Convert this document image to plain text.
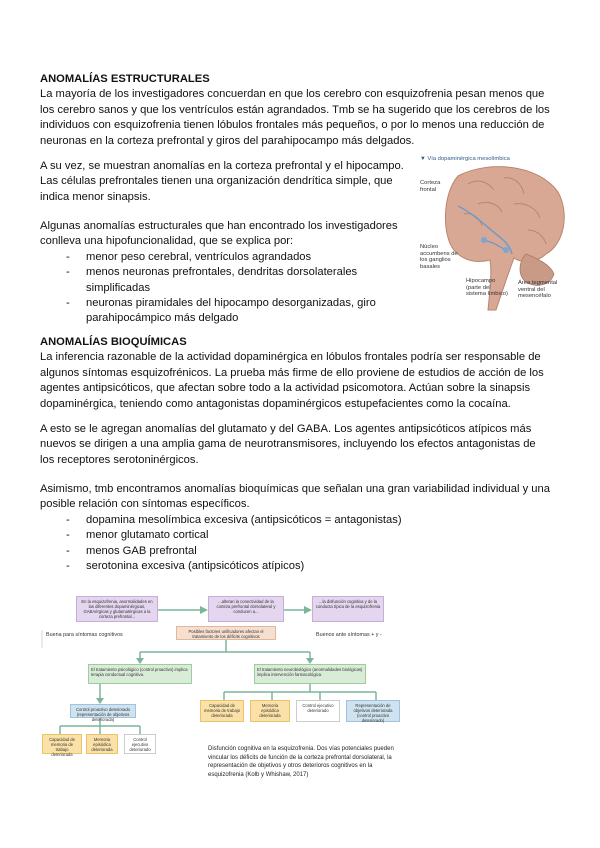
ANOMALÍAS ESTRUCTURALES

La mayoría de los investigadores concuerdan en que los cerebro con esquizofrenia pesan menos que los cerebro sanos y que los ventrículos están agrandados. Tmb se ha sugerido que los cerebros de los individuos con esquizofrenia tienen lóbulos frontales más pequeños, o por lo menos una reducción de neuronas en la corteza prefrontal y giros del parahipocampo más delgados.

A su vez, se muestran anomalías en la corteza prefrontal y el hipocampo. Las células prefrontales tienen una organización dendrítica simple, que indica menor sinapsis.

Algunas anomalías estructurales que han encontrado los investigadores conlleva una hipofuncionalidad, que se explica por:

- menor peso cerebral, ventrículos agrandados
- menos neuronas prefrontales, dendritas dorsolaterales simplificadas
- neuronas piramidales del hipocampo desorganizadas, giro parahipocámpico más delgado
▼ Vía dopaminérgica mesolímbica
Corteza frontal
Núcleo accumbens de los ganglios basales
Hipocampo (parte del sistema límbico)
Área tegmental ventral del mesencéfalo
ANOMALÍAS BIOQUÍMICAS

La inferencia razonable de la actividad dopaminérgica en lóbulos frontales podría ser responsable de algunos síntomas esquizofrénicos. La prueba más firme de ello proviene de estudios de acción de los agentes antipsicóticos, que afectan sobre todo a la actividad psicomotora. Actúan sobre la sinapsis dopaminérgica, teniendo como antagonistas dopaminérgicos estupefacientes como la cocaína.

A esto se le agregan anomalías del glutamato y del GABA. Los agentes antipsicóticos atípicos más nuevos se dirigen a una amplia gama de neurotransmisores, incluyendo los efectos antagonistas de los receptores serotoninérgicos.

Asimismo, tmb encontramos anomalías bioquímicas que señalan una gran variabilidad individual y una posible relación con síntomas específicos.

- dopamina mesolímbica excesiva (antipsicóticos = antagonistas)
- menor glutamato cortical
- menos GAB prefrontal
- serotonina excesiva (antipsicóticos atípicos)
En la esquizofrenia, anormalidades en las diferentes dopaminérgicas, GABAérgicas y glutamatérgicas a la corteza prefrontal...
...alteran la conectividad de la corteza prefrontal dorsolateral y conducen a...
...la disfunción cognitiva y de la conducta típica de la esquizofrenia
Buena para síntomas cognitivos	Buenos ante síntomas + y -
Posibles factores unificadores afectan el tratamiento de los déficits cognitivos
El tratamiento psicológico (control proactivo) implica terapia conductual cognitiva.
El tratamiento neurobiológico (anormalidades biológicas) implica intervención farmacológica.
Control proactivo deteriorado (representación de objetivos deteriorada)
Capacidad de memoria de trabajo deteriorada
Memoria episódica deteriorada
Control ejecutivo deteriorado
Capacidad de memoria de trabajo deteriorada
Memoria episódica deteriorada
Control ejecutivo deteriorado
Representación de objetivos deteriorada (control proactivo deteriorado)
Disfunción cognitiva en la esquizofrenia. Dos vías potenciales pueden vincular los déficits de función de la corteza prefrontal dorsolateral, la representación de objetivos y otros deterioros cognitivos en la esquizofrenia (Kolb y Whishaw, 2017)
